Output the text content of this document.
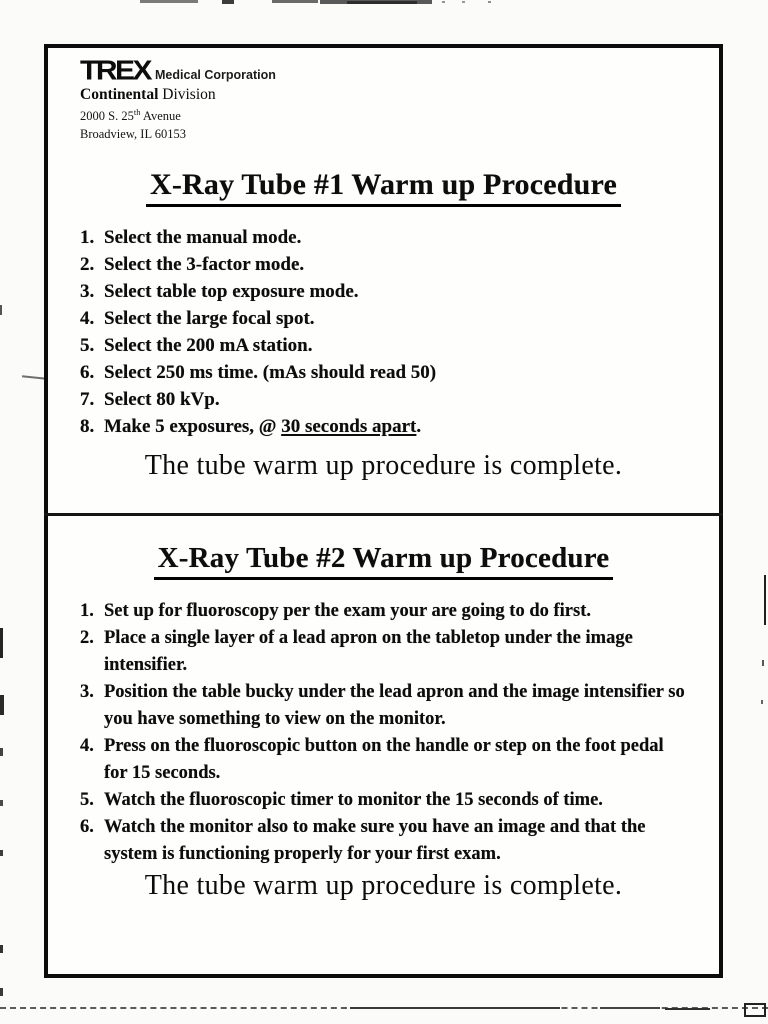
TREX Medical Corporation
Continental Division
2000 S. 25th Avenue
Broadview, IL 60153
X-Ray Tube #1 Warm up Procedure
1. Select the manual mode.
2. Select the 3-factor mode.
3. Select table top exposure mode.
4. Select the large focal spot.
5. Select the 200 mA station.
6. Select 250 ms time. (mAs should read 50)
7. Select 80 kVp.
8. Make 5 exposures, @ 30 seconds apart.
The tube warm up procedure is complete.
X-Ray Tube #2 Warm up Procedure
1. Set up for fluoroscopy per the exam your are going to do first.
2. Place a single layer of a lead apron on the tabletop under the image intensifier.
3. Position the table bucky under the lead apron and the image intensifier so you have something to view on the monitor.
4. Press on the fluoroscopic button on the handle or step on the foot pedal for 15 seconds.
5. Watch the fluoroscopic timer to monitor the 15 seconds of time.
6. Watch the monitor also to make sure you have an image and that the system is functioning properly for your first exam.
The tube warm up procedure is complete.
